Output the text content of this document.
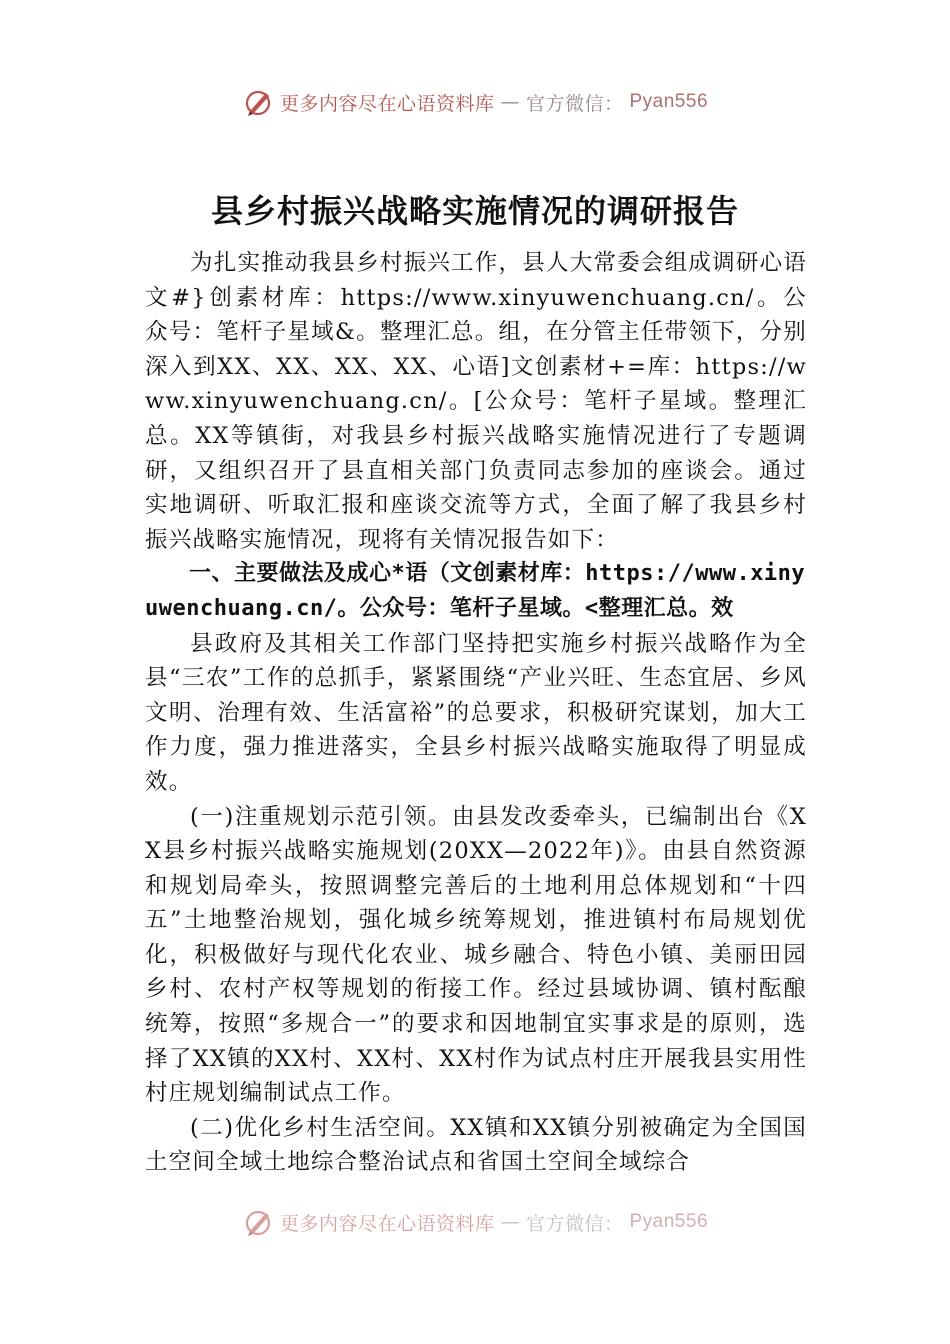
更多内容尽在心语资料库 — 官方微信： Pyan556
县乡村振兴战略实施情况的调研报告

为扎实推动我县乡村振兴工作，县人大常委会组成调研心语文#}创素材库：https://www.xinyuwenchuang.cn/。公众号：笔杆子星域&。整理汇总。组，在分管主任带领下，分别深入到XX、XX、XX、XX、心语]文创素材+=库：https://www.xinyuwenchuang.cn/。[公众号：笔杆子星域。整理汇总。XX等镇街，对我县乡村振兴战略实施情况进行了专题调研，又组织召开了县直相关部门负责同志参加的座谈会。通过实地调研、听取汇报和座谈交流等方式，全面了解了我县乡村振兴战略实施情况，现将有关情况报告如下：

一、主要做法及成心*语（文创素材库：https://www.xinyuwenchuang.cn/。公众号：笔杆子星域。<整理汇总。效

县政府及其相关工作部门坚持把实施乡村振兴战略作为全县“三农”工作的总抓手，紧紧围绕“产业兴旺、生态宜居、乡风文明、治理有效、生活富裕”的总要求，积极研究谋划，加大工作力度，强力推进落实，全县乡村振兴战略实施取得了明显成效。

(一)注重规划示范引领。由县发改委牵头，已编制出台《XX县乡村振兴战略实施规划(20XX—2022年)》。由县自然资源和规划局牵头，按照调整完善后的土地利用总体规划和“十四五”土地整治规划，强化城乡统筹规划，推进镇村布局规划优化，积极做好与现代化农业、城乡融合、特色小镇、美丽田园乡村、农村产权等规划的衔接工作。经过县域协调、镇村酝酿统筹，按照“多规合一”的要求和因地制宜实事求是的原则，选择了XX镇的XX村、XX村、XX村作为试点村庄开展我县实用性村庄规划编制试点工作。

(二)优化乡村生活空间。XX镇和XX镇分别被确定为全国国土空间全域土地综合整治试点和省国土空间全域综合

更多内容尽在心语资料库 — 官方微信： Pyan556
